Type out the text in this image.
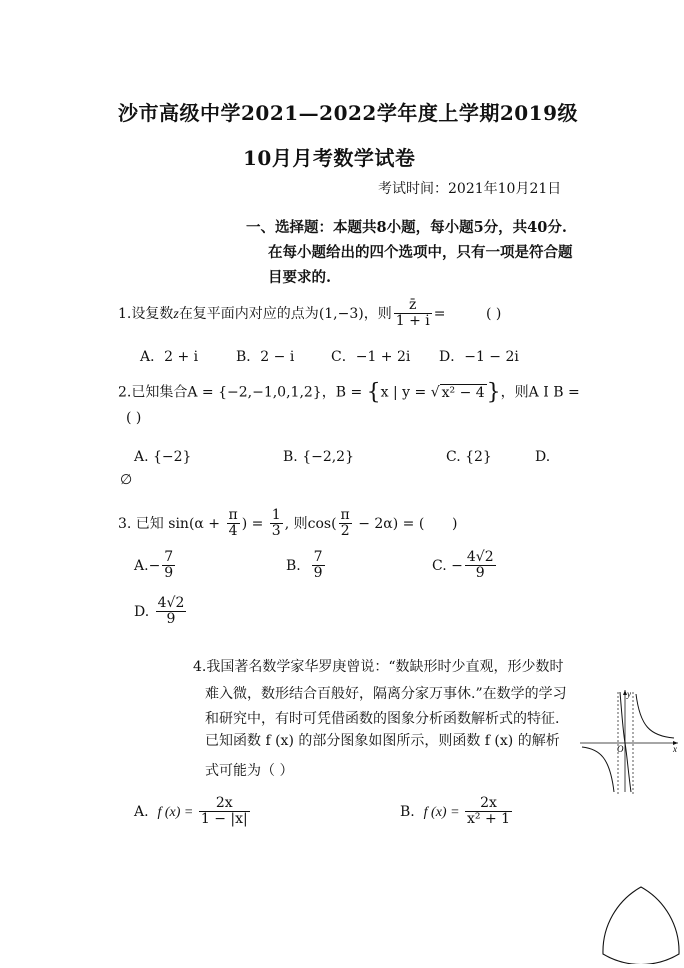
沙市高级中学2021—2022学年度上学期2019级
10月月考数学试卷
考试时间：2021年10月21日
一、选择题：本题共8小题，每小题5分，共40分.
在每小题给出的四个选项中，只有一项是符合题
目要求的.
1.设复数z在复平面内对应的点为(1,−3)，则 $\frac{z̄}{1 + i}$ =	( )
A．2 + i	B．2 − i	C．−1 + 2i D．−1 − 2i
2.已知集合A = {−2,−1,0,1,2}，B = {x | y = √ x² − 4}，则A I B =
( )
A. {−2}	B. {−2,2}	C. {2}	D.
∅
3. 已知 $\sin(\alpha + \frac{\pi}{4}$ ) = $\frac{1}{3}$ , 则$\cos( \frac{\pi}{2} - 2\alpha)$ = ( )
$A.- \frac{7}{9}$	B. $\frac{7}{9}$	C. − $\frac{4√2}{9}$
D. $\frac{4√2}{9}$
4.我国著名数学家华罗庚曾说：“数缺形时少直观，形少数时
难入微，数形结合百般好，隔离分家万事休.”在数学的学习
和研究中，有时可凭借函数的图象分析函数解析式的特征.
已知函数 f (x) 的部分图象如图所示，则函数 f (x) 的解析
式可能为（ ）
y
O	x
A. f $(x) = \frac{2x}{1 - |x|}$	B. f $(x) = \frac{2x}{\text{x² + 1}}$
